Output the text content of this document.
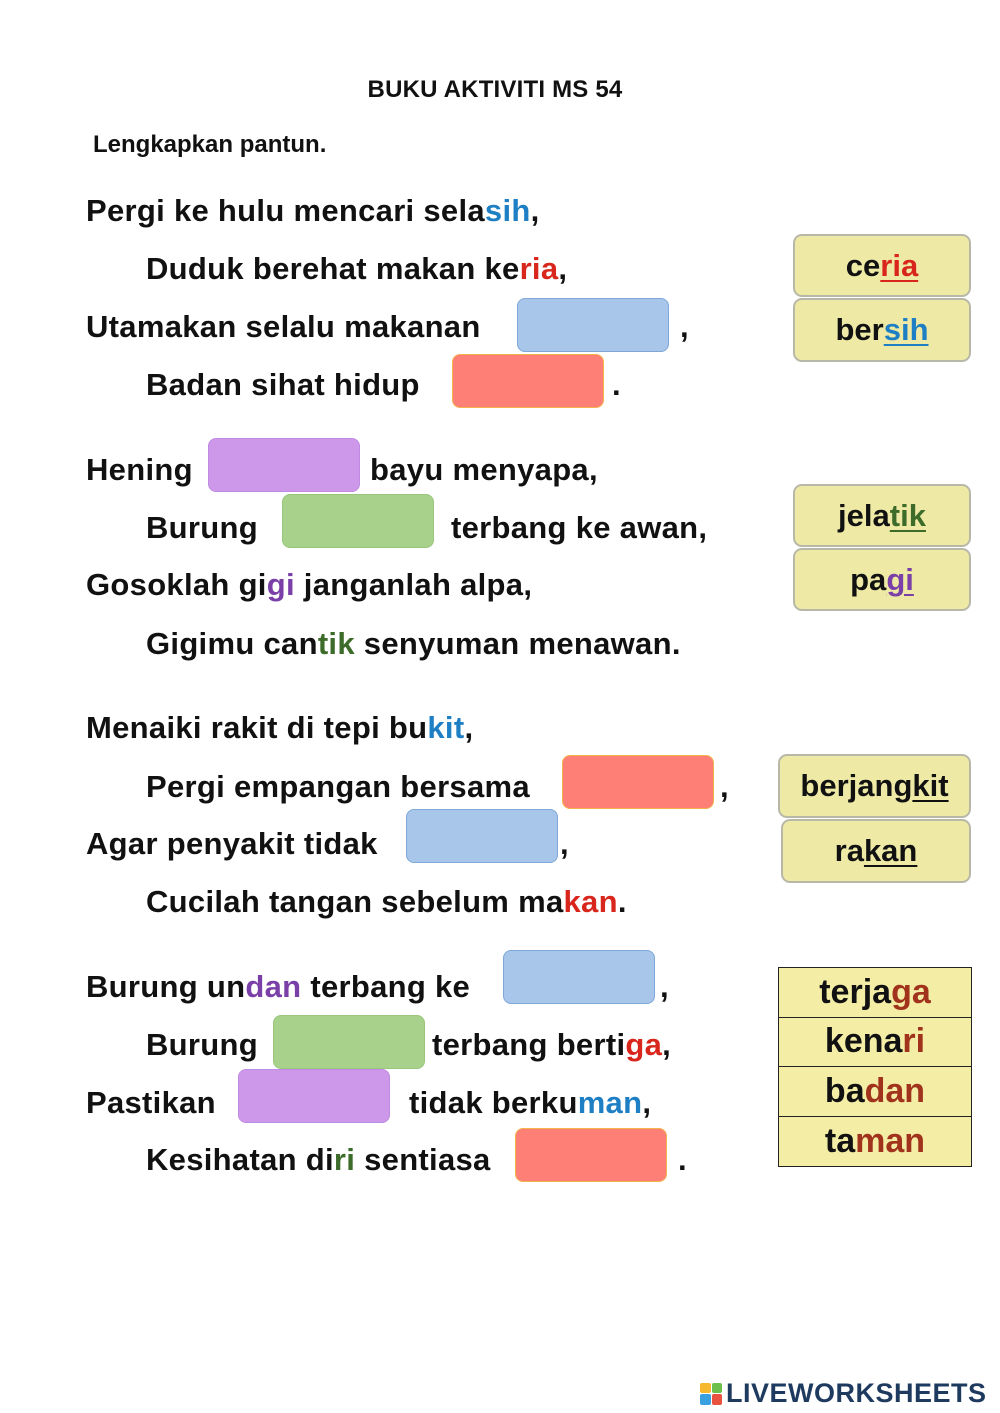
BUKU AKTIVITI MS 54
Lengkapkan pantun.
Pergi ke hulu mencari selasih,
Duduk berehat makan keria,
Utamakan selalu makanan	,
Badan sihat hidup	.
ce ria
ber sih
Hening	bayu menyapa,
Burung	terbang ke awan,
Gosoklah gigi janganlah alpa,
Gigimu cantik senyuman menawan.
jela tik
pa gi
Menaiki rakit di tepi bukit,
Pergi empangan bersama	,
Agar penyakit tidak	,
Cucilah tangan sebelum makan.
berjang kit
ra kan
Burung undan terbang ke	,
Burung	terbang bertiga,
Pastikan	tidak berkuman,
Kesihatan diri sentiasa	.
terja ga
kena ri
ba dan
ta man
LIVEWORKSHEETS
